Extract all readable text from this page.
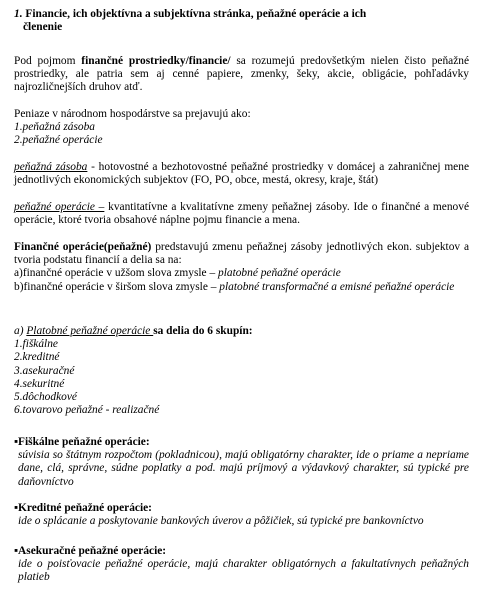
1. Financie, ich objektívna a subjektívna stránka, peňažné operácie a ich
členenie
Pod pojmom finančné prostriedky/financie/ sa rozumejú predovšetkým nielen čisto peňažné prostriedky, ale patria sem aj cenné papiere, zmenky, šeky, akcie, obligácie, pohľadávky najrozličnejších druhov atď.
Peniaze v národnom hospodárstve sa prejavujú ako:
1.peňažná zásoba
2.peňažné operácie
peňažná zásoba - hotovostné a bezhotovostné peňažné prostriedky v domácej a zahraničnej mene jednotlivých ekonomických subjektov (FO, PO, obce, mestá, okresy, kraje, štát)
peňažné operácie – kvantitatívne a kvalitatívne zmeny peňažnej zásoby. Ide o finančné a menové operácie, ktoré tvoria obsahové náplne pojmu financie a mena.
Finančné operácie(peňažné) predstavujú zmenu peňažnej zásoby jednotlivých ekon. subjektov a tvoria podstatu financií a delia sa na:
a)finančné operácie v užšom slova zmysle – platobné peňažné operácie
b)finančné operácie v širšom slova zmysle – platobné transformačné a emisné peňažné operácie
a) Platobné peňažné operácie sa delia do 6 skupín:
1.fiškálne
2.kreditné
3.asekuračné
4.sekuritné
5.dôchodkové
6.tovarovo peňažné - realizačné
▪Fiškálne peňažné operácie:
súvisia so štátnym rozpočtom (pokladnicou), majú obligatórny charakter, ide o priame a nepriame dane, clá, správne, súdne poplatky a pod. majú príjmový a výdavkový charakter, sú typické pre daňovníctvo
▪Kreditné peňažné operácie:
ide o splácanie a poskytovanie bankových úverov a pôžičiek, sú typické pre bankovníctvo
▪Asekuračné peňažné operácie:
ide o poisťovacie peňažné operácie, majú charakter obligatórnych a fakultatívnych peňažných platieb
